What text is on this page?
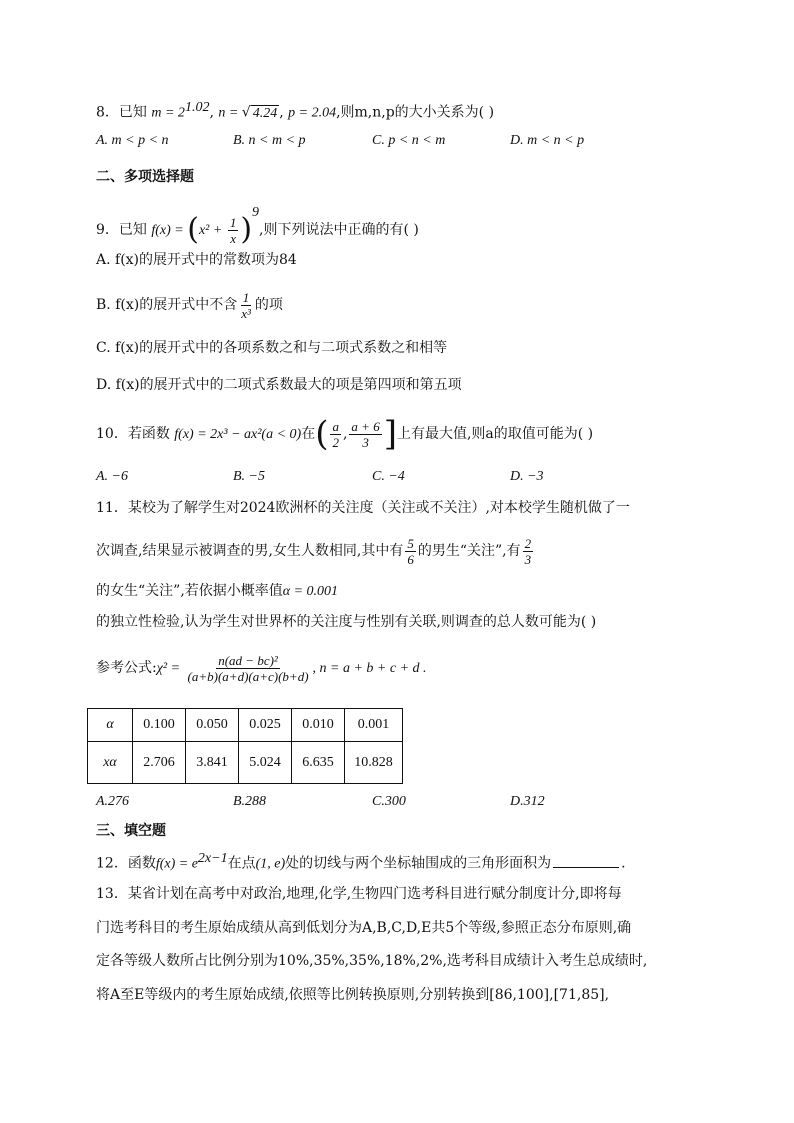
8．已知 $m = 2^{1.02}$, n = √ 4.24 , p = 2.04,则m,n,p的大小关系为( )
A. m < p < n	B. n < m < p	C. p < n < m	D. m < n < p
二、多项选择题
9．已知 $f(x) = (x^2 + \frac{1}{x} )^9$,则下列说法中正确的有( )
A. f(x)的展开式中的常数项为84
B. f(x)的展开式中不含 $\frac{1}{\text{x³}}$ 的项
C. f(x)的展开式中的各项系数之和与二项式系数之和相等
D. f(x)的展开式中的二项式系数最大的项是第四项和第五项
10．若函数 f(x) = 2x³ − ax²(a < 0)在( $\frac{a}{2}$ , $\frac{a + 6}{3}$ ]上有最大值,则a的取值可能为( )
A. −6	B. −5	C. −4	D. −3
11．某校为了解学生对2024欧洲杯的关注度（关注或不关注）,对本校学生随机做了一
次调查,结果显示被调查的男,女生人数相同,其中有 $\frac{5}{6}$ 的男生“关注”,有 $\frac{2}{3}$
的女生“关注”,若依据小概率值α = 0.001
的独立性检验,认为学生对世界杯的关注度与性别有关联,则调查的总人数可能为( )
参考公式:χ² = $\frac{\text{n(ad − bc)²}}{(a+b)(a+d)(a+c)(b+d)}$ , n = a + b + c + d .
α	0.100	0.050	0.025	0.010	0.001
xα	2.706	3.841	5.024	6.635	10.828
A.276	B.288	C.300	D.312
三、填空题
12．函数$f(x) = e^{2x-1}$在点(1, e)处的切线与两个坐标轴围成的三角形面积为	.
13．某省计划在高考中对政治,地理,化学,生物四门选考科目进行赋分制度计分,即将每
门选考科目的考生原始成绩从高到低划分为A,B,C,D,E共5个等级,参照正态分布原则,确
定各等级人数所占比例分别为10%,35%,35%,18%,2%,选考科目成绩计入考生总成绩时,
将A至E等级内的考生原始成绩,依照等比例转换原则,分别转换到[86,100],[71,85],
